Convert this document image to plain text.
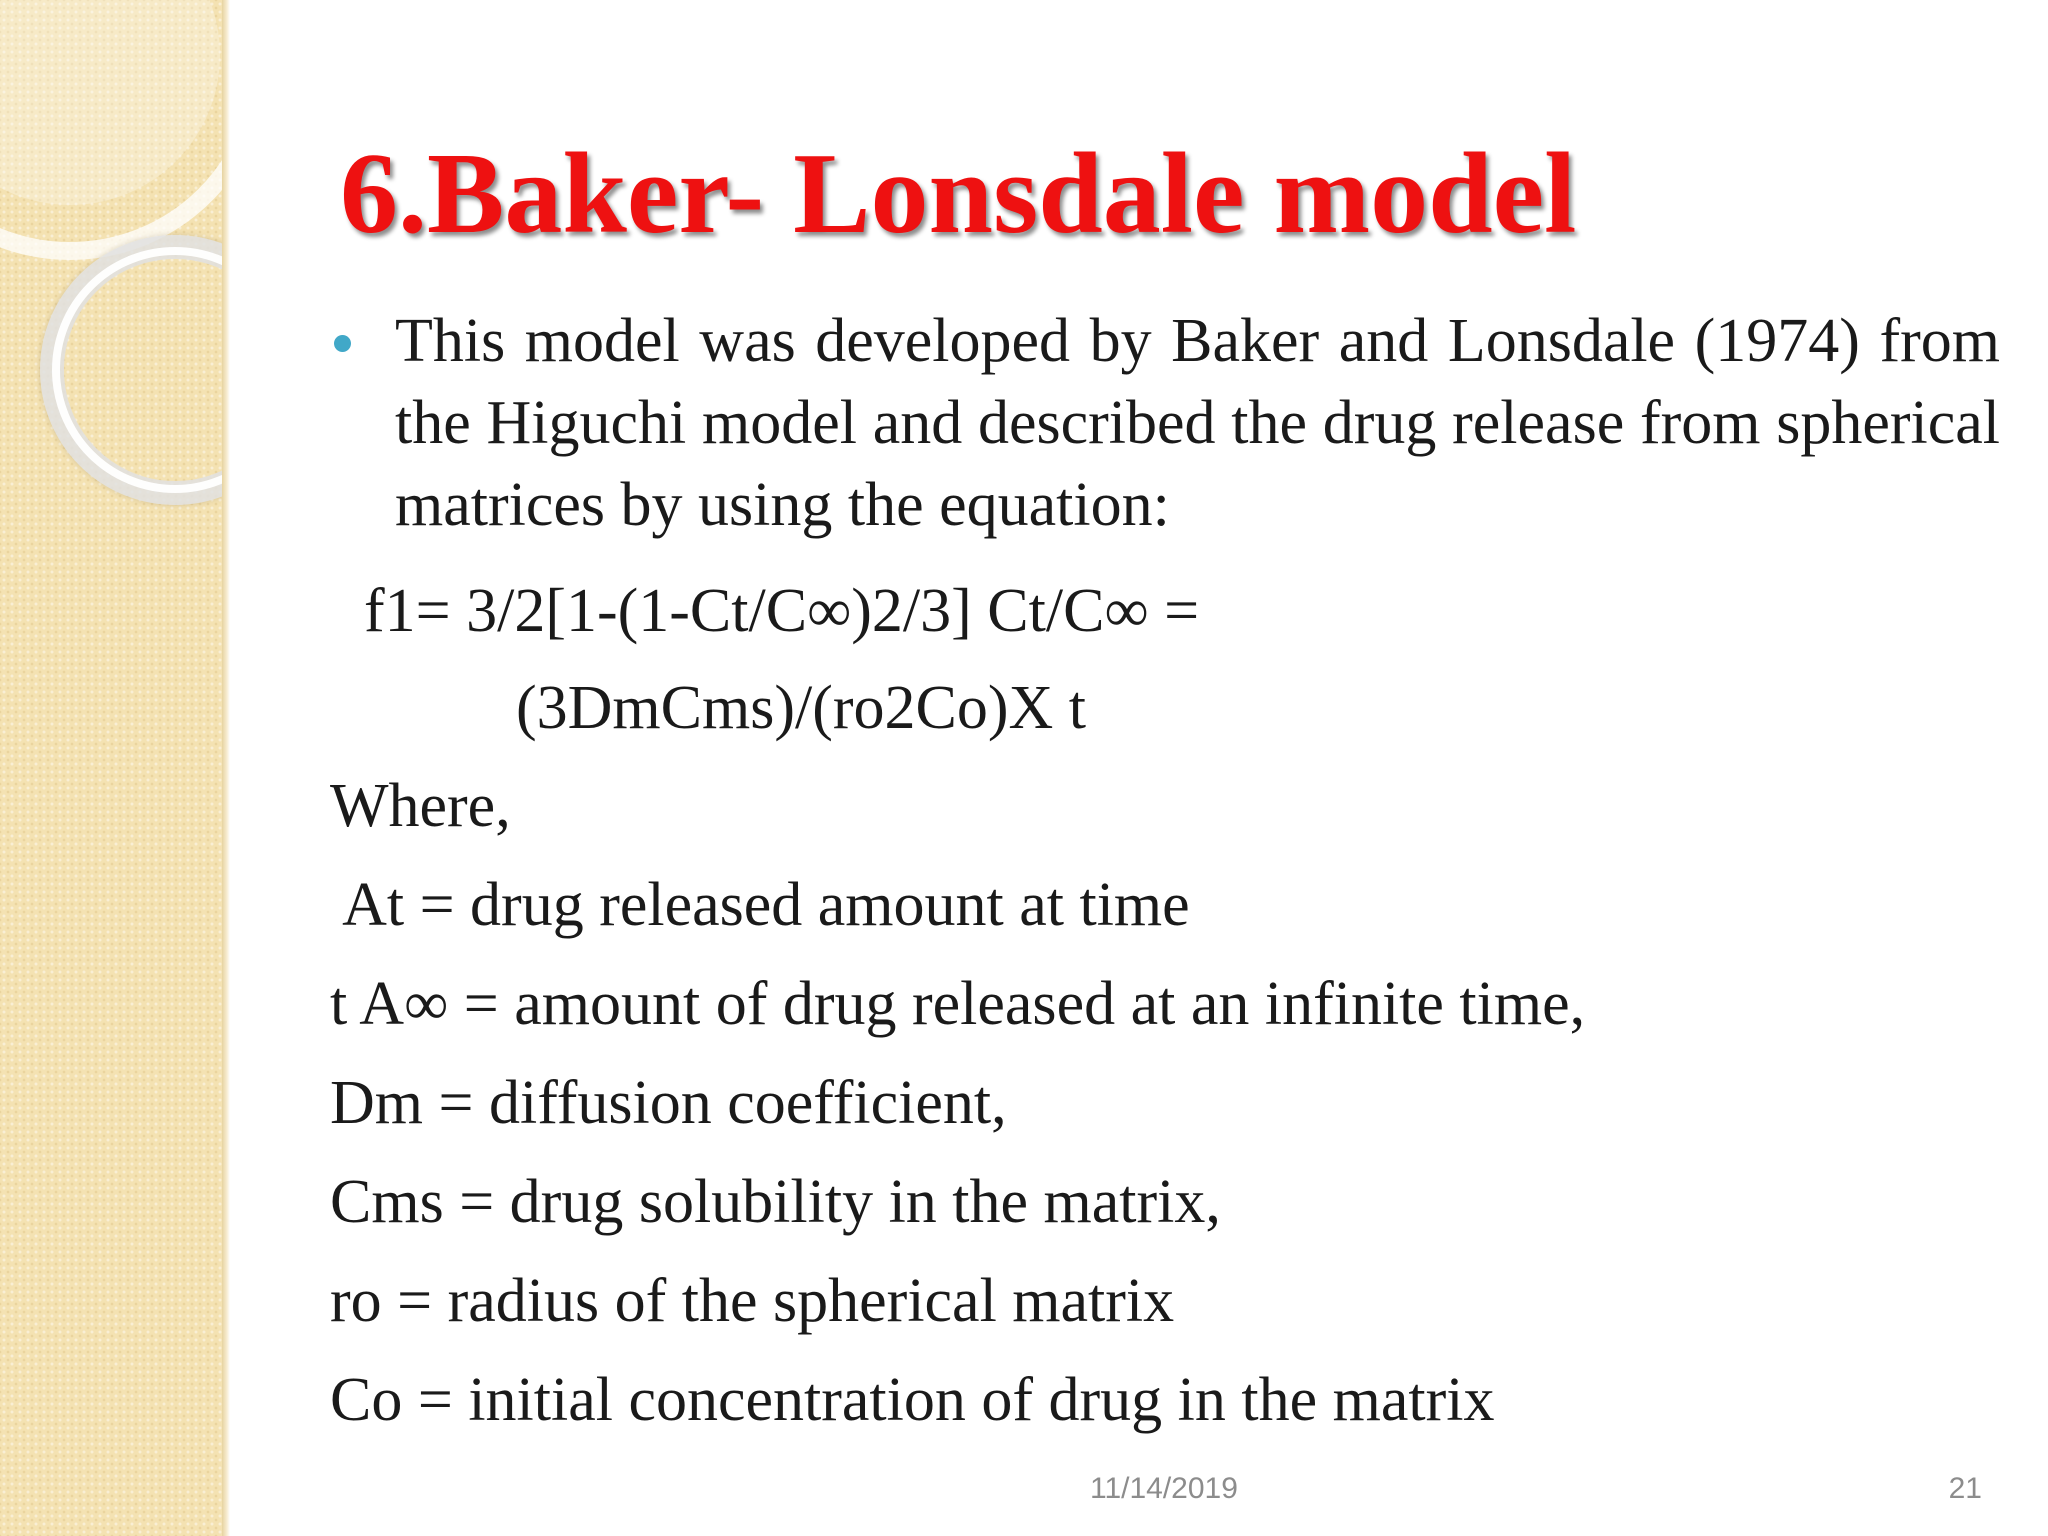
6.Baker- Lonsdale model
This model was developed by Baker and Lonsdale (1974) from the Higuchi model and described the drug release from spherical matrices by using the equation:
f1= 3/2[1-(1-Ct/C∞)2/3] Ct/C∞ =
(3DmCms)/(ro2Co)X t
Where,
At = drug released amount at time
t A∞ = amount of drug released at an infinite time,
Dm = diffusion coefficient,
Cms = drug solubility in the matrix,
ro = radius of the spherical matrix
Co = initial concentration of drug in the matrix
11/14/2019	21
